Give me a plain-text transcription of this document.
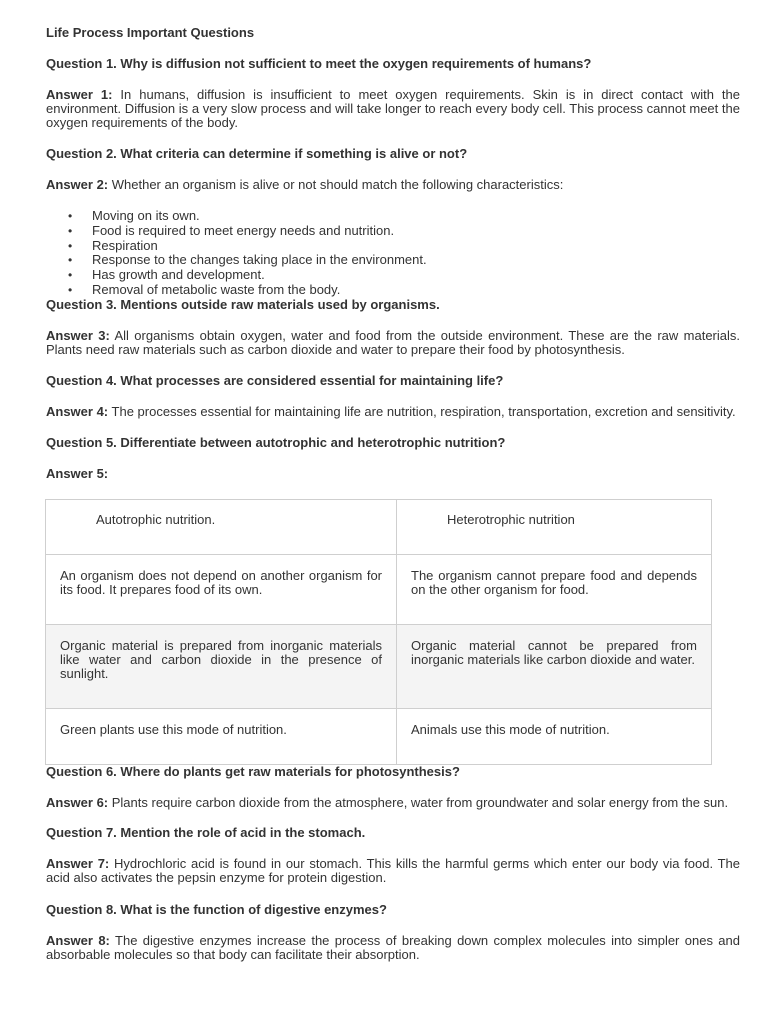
Life Process Important Questions

Question 1. Why is diffusion not sufficient to meet the oxygen requirements of humans?

Answer 1: In humans, diffusion is insufficient to meet oxygen requirements. Skin is in direct contact with the environment. Diffusion is a very slow process and will take longer to reach every body cell. This process cannot meet the oxygen requirements of the body.

Question 2. What criteria can determine if something is alive or not?

Answer 2: Whether an organism is alive or not should match the following characteristics:

• Moving on its own.
• Food is required to meet energy needs and nutrition.
• Respiration
• Response to the changes taking place in the environment.
• Has growth and development.
• Removal of metabolic waste from the body.

Question 3. Mentions outside raw materials used by organisms.

Answer 3: All organisms obtain oxygen, water and food from the outside environment. These are the raw materials. Plants need raw materials such as carbon dioxide and water to prepare their food by photosynthesis.

Question 4. What processes are considered essential for maintaining life?

Answer 4: The processes essential for maintaining life are nutrition, respiration, transportation, excretion and sensitivity.

Question 5. Differentiate between autotrophic and heterotrophic nutrition?

Answer 5:

Autotrophic nutrition.	Heterotrophic nutrition
An organism does not depend on another organism for its food. It prepares food of its own.	The organism cannot prepare food and depends on the other organism for food.
Organic material is prepared from inorganic materials like water and carbon dioxide in the presence of sunlight.	Organic material cannot be prepared from inorganic materials like carbon dioxide and water.
Green plants use this mode of nutrition.	Animals use this mode of nutrition.

Question 6. Where do plants get raw materials for photosynthesis?

Answer 6: Plants require carbon dioxide from the atmosphere, water from groundwater and solar energy from the sun.

Question 7. Mention the role of acid in the stomach.

Answer 7: Hydrochloric acid is found in our stomach. This kills the harmful germs which enter our body via food. The acid also activates the pepsin enzyme for protein digestion.

Question 8. What is the function of digestive enzymes?

Answer 8: The digestive enzymes increase the process of breaking down complex molecules into simpler ones and absorbable molecules so that body can facilitate their absorption.
